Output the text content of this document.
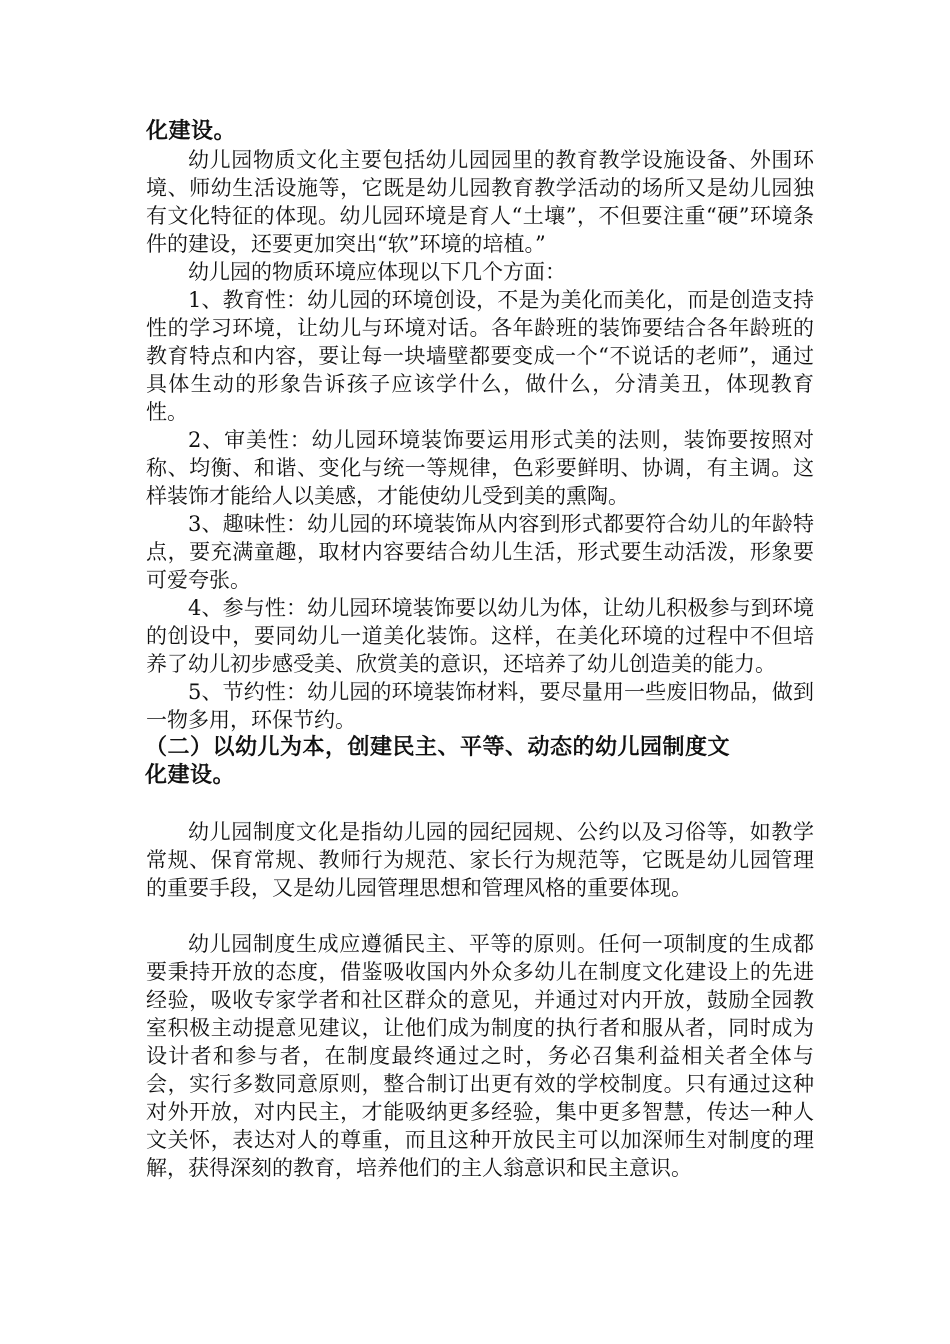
化建设。

幼儿园物质文化主要包括幼儿园园里的教育教学设施设备、外围环境、师幼生活设施等，它既是幼儿园教育教学活动的场所又是幼儿园独有文化特征的体现。幼儿园环境是育人“土壤”，不但要注重“硬”环境条件的建设，还要更加突出“软”环境的培植。”

幼儿园的物质环境应体现以下几个方面：

1、教育性：幼儿园的环境创设，不是为美化而美化，而是创造支持性的学习环境，让幼儿与环境对话。各年龄班的装饰要结合各年龄班的教育特点和内容，要让每一块墙壁都要变成一个“不说话的老师”，通过具体生动的形象告诉孩子应该学什么，做什么，分清美丑，体现教育性。

2、审美性：幼儿园环境装饰要运用形式美的法则，装饰要按照对称、均衡、和谐、变化与统一等规律，色彩要鲜明、协调，有主调。这样装饰才能给人以美感，才能使幼儿受到美的熏陶。

3、趣味性：幼儿园的环境装饰从内容到形式都要符合幼儿的年龄特点，要充满童趣，取材内容要结合幼儿生活，形式要生动活泼，形象要可爱夸张。

4、参与性：幼儿园环境装饰要以幼儿为体，让幼儿积极参与到环境的创设中，要同幼儿一道美化装饰。这样，在美化环境的过程中不但培养了幼儿初步感受美、欣赏美的意识，还培养了幼儿创造美的能力。

5、节约性：幼儿园的环境装饰材料，要尽量用一些废旧物品，做到一物多用，环保节约。

（二）以幼儿为本，创建民主、平等、动态的幼儿园制度文

化建设。

幼儿园制度文化是指幼儿园的园纪园规、公约以及习俗等，如教学常规、保育常规、教师行为规范、家长行为规范等，它既是幼儿园管理的重要手段，又是幼儿园管理思想和管理风格的重要体现。

幼儿园制度生成应遵循民主、平等的原则。任何一项制度的生成都要秉持开放的态度，借鉴吸收国内外众多幼儿在制度文化建设上的先进经验，吸收专家学者和社区群众的意见，并通过对内开放，鼓励全园教室积极主动提意见建议，让他们成为制度的执行者和服从者，同时成为设计者和参与者，在制度最终通过之时，务必召集利益相关者全体与会，实行多数同意原则，整合制订出更有效的学校制度。只有通过这种对外开放，对内民主，才能吸纳更多经验，集中更多智慧，传达一种人文关怀，表达对人的尊重，而且这种开放民主可以加深师生对制度的理解，获得深刻的教育，培养他们的主人翁意识和民主意识。
